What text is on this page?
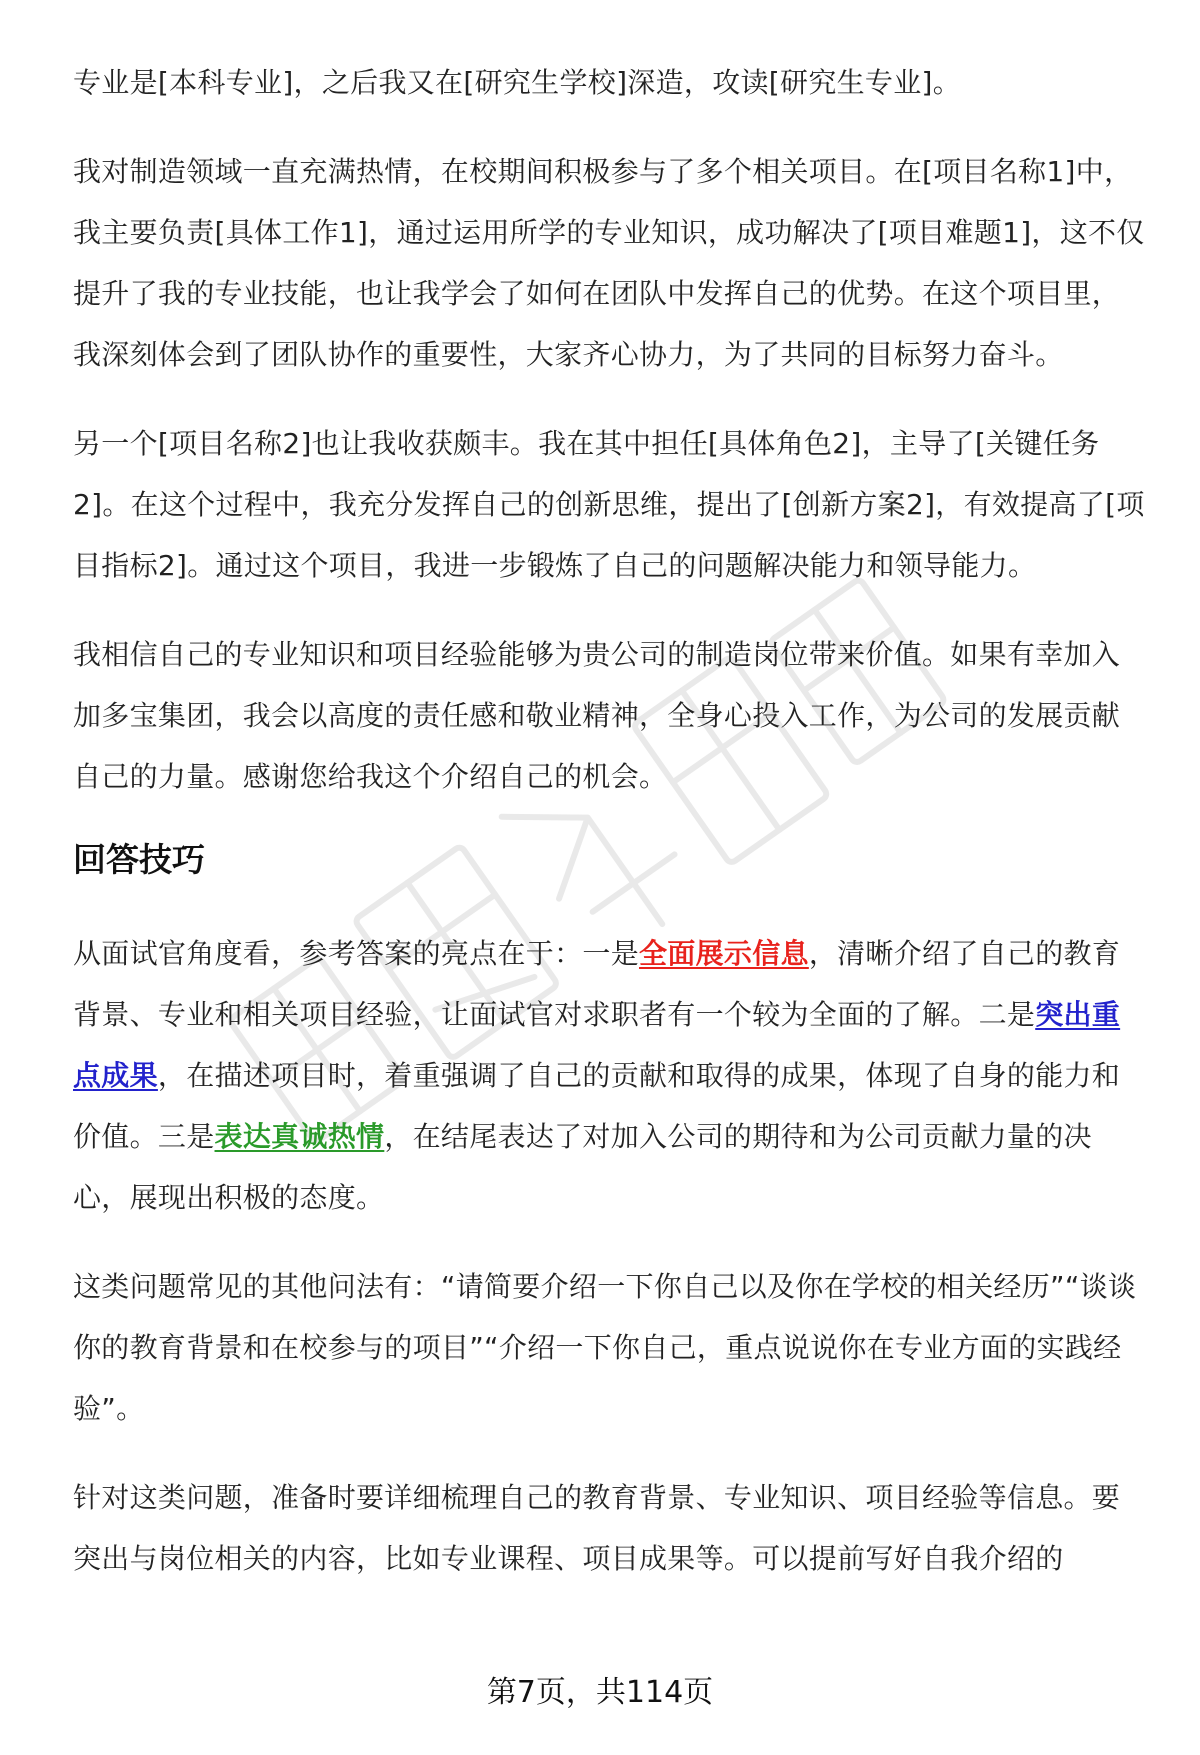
专业是[本科专业]，之后我又在[研究生学校]深造，攻读[研究生专业]。

我对制造领域一直充满热情，在校期间积极参与了多个相关项目。在[项目名称1]中，我主要负责[具体工作1]，通过运用所学的专业知识，成功解决了[项目难题1]，这不仅提升了我的专业技能，也让我学会了如何在团队中发挥自己的优势。在这个项目里，我深刻体会到了团队协作的重要性，大家齐心协力，为了共同的目标努力奋斗。

另一个[项目名称2]也让我收获颇丰。我在其中担任[具体角色2]，主导了[关键任务2]。在这个过程中，我充分发挥自己的创新思维，提出了[创新方案2]，有效提高了[项目指标2]。通过这个项目，我进一步锻炼了自己的问题解决能力和领导能力。

我相信自己的专业知识和项目经验能够为贵公司的制造岗位带来价值。如果有幸加入加多宝集团，我会以高度的责任感和敬业精神，全身心投入工作，为公司的发展贡献自己的力量。感谢您给我这个介绍自己的机会。

回答技巧

从面试官角度看，参考答案的亮点在于：一是全面展示信息，清晰介绍了自己的教育背景、专业和相关项目经验，让面试官对求职者有一个较为全面的了解。二是突出重点成果，在描述项目时，着重强调了自己的贡献和取得的成果，体现了自身的能力和价值。三是表达真诚热情，在结尾表达了对加入公司的期待和为公司贡献力量的决心，展现出积极的态度。

这类问题常见的其他问法有：“请简要介绍一下你自己以及你在学校的相关经历”“谈谈你的教育背景和在校参与的项目”“介绍一下你自己，重点说说你在专业方面的实践经验”。

针对这类问题，准备时要详细梳理自己的教育背景、专业知识、项目经验等信息。要突出与岗位相关的内容，比如专业课程、项目成果等。可以提前写好自我介绍的

第7页，共114页
